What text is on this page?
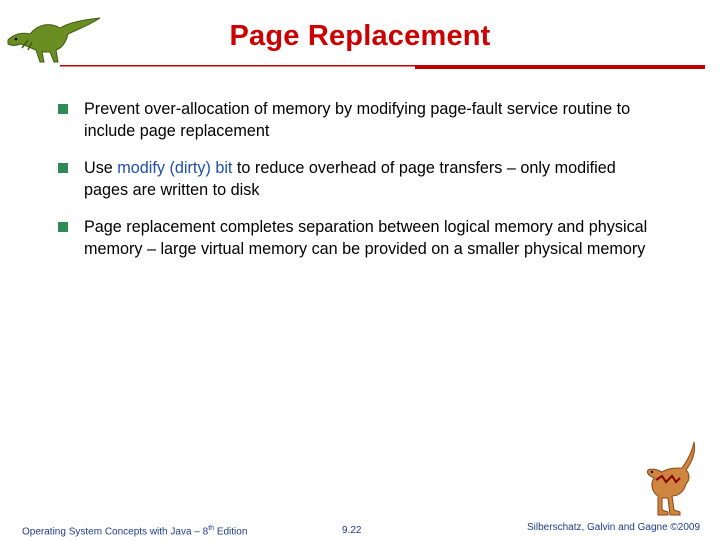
Page Replacement
Prevent over-allocation of memory by modifying page-fault service routine to include page replacement
Use modify (dirty) bit to reduce overhead of page transfers – only modified pages are written to disk
Page replacement completes separation between logical memory and physical memory – large virtual memory can be provided on a smaller physical memory
Operating System Concepts with Java – 8th Edition	9.22	Silberschatz, Galvin and Gagne ©2009
